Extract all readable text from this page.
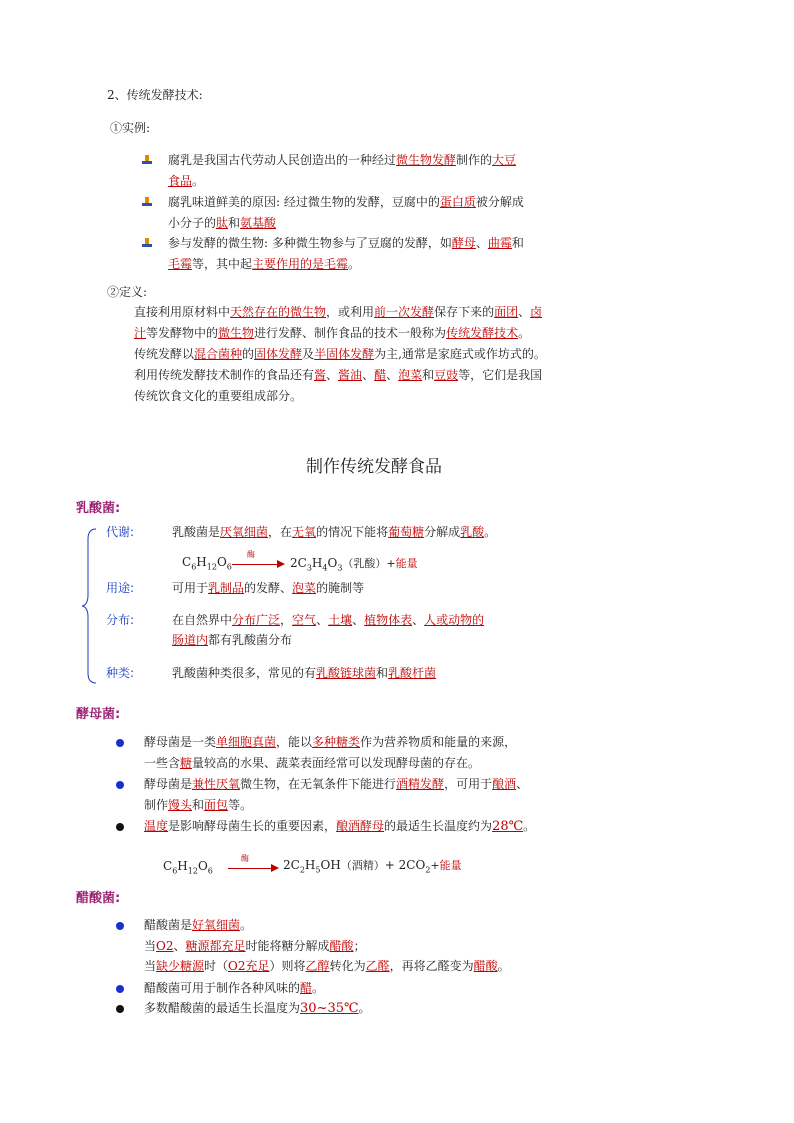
2、传统发酵技术:
①实例:
腐乳是我国古代劳动人民创造出的一种经过微生物发酵制作的大豆
食品。
腐乳味道鲜美的原因: 经过微生物的发酵，豆腐中的蛋白质被分解成
小分子的肽和氨基酸
参与发酵的微生物: 多种微生物参与了豆腐的发酵，如酵母、曲霉和
毛霉等，其中起主要作用的是毛霉。
②定义:
直接利用原材料中天然存在的微生物，或利用前一次发酵保存下来的面团、卤
汁等发酵物中的微生物进行发酵、制作食品的技术一般称为传统发酵技术。
传统发酵以混合菌种的固体发酵及半固体发酵为主,通常是家庭式或作坊式的。
利用传统发酵技术制作的食品还有酱、酱油、醋、泡菜和豆豉等，它们是我国
传统饮食文化的重要组成部分。
制作传统发酵食品
乳酸菌:
代谢:	乳酸菌是厌氧细菌，在无氧的情况下能将葡萄糖分解成乳酸。
$C_6H_{12}O_6$
酶
$2C_3H_4O_3$（乳酸）+能量
用途:	可用于乳制品的发酵、泡菜的腌制等
分布:	在自然界中分布广泛，空气、土壤、植物体表、人或动物的
肠道内都有乳酸菌分布
种类:	乳酸菌种类很多，常见的有乳酸链球菌和乳酸杆菌
酵母菌:
酵母菌是一类单细胞真菌，能以多种糖类作为营养物质和能量的来源，
一些含糖量较高的水果、蔬菜表面经常可以发现酵母菌的存在。
酵母菌是兼性厌氧微生物，在无氧条件下能进行酒精发酵，可用于酿酒、
制作馒头和面包等。
温度是影响酵母菌生长的重要因素，酿酒酵母的最适生长温度约为28℃。
$C_6H_{12}O_6$
酶	$2C_2H_5OH$（酒精）+ $2CO_2+$能量
醋酸菌:
醋酸菌是好氧细菌。
当O2、糖源都充足时能将糖分解成醋酸；
当缺少糖源时（O2充足）则将乙醇转化为乙醛，再将乙醛变为醋酸。
醋酸菌可用于制作各种风味的醋。
多数醋酸菌的最适生长温度为30~35℃。
